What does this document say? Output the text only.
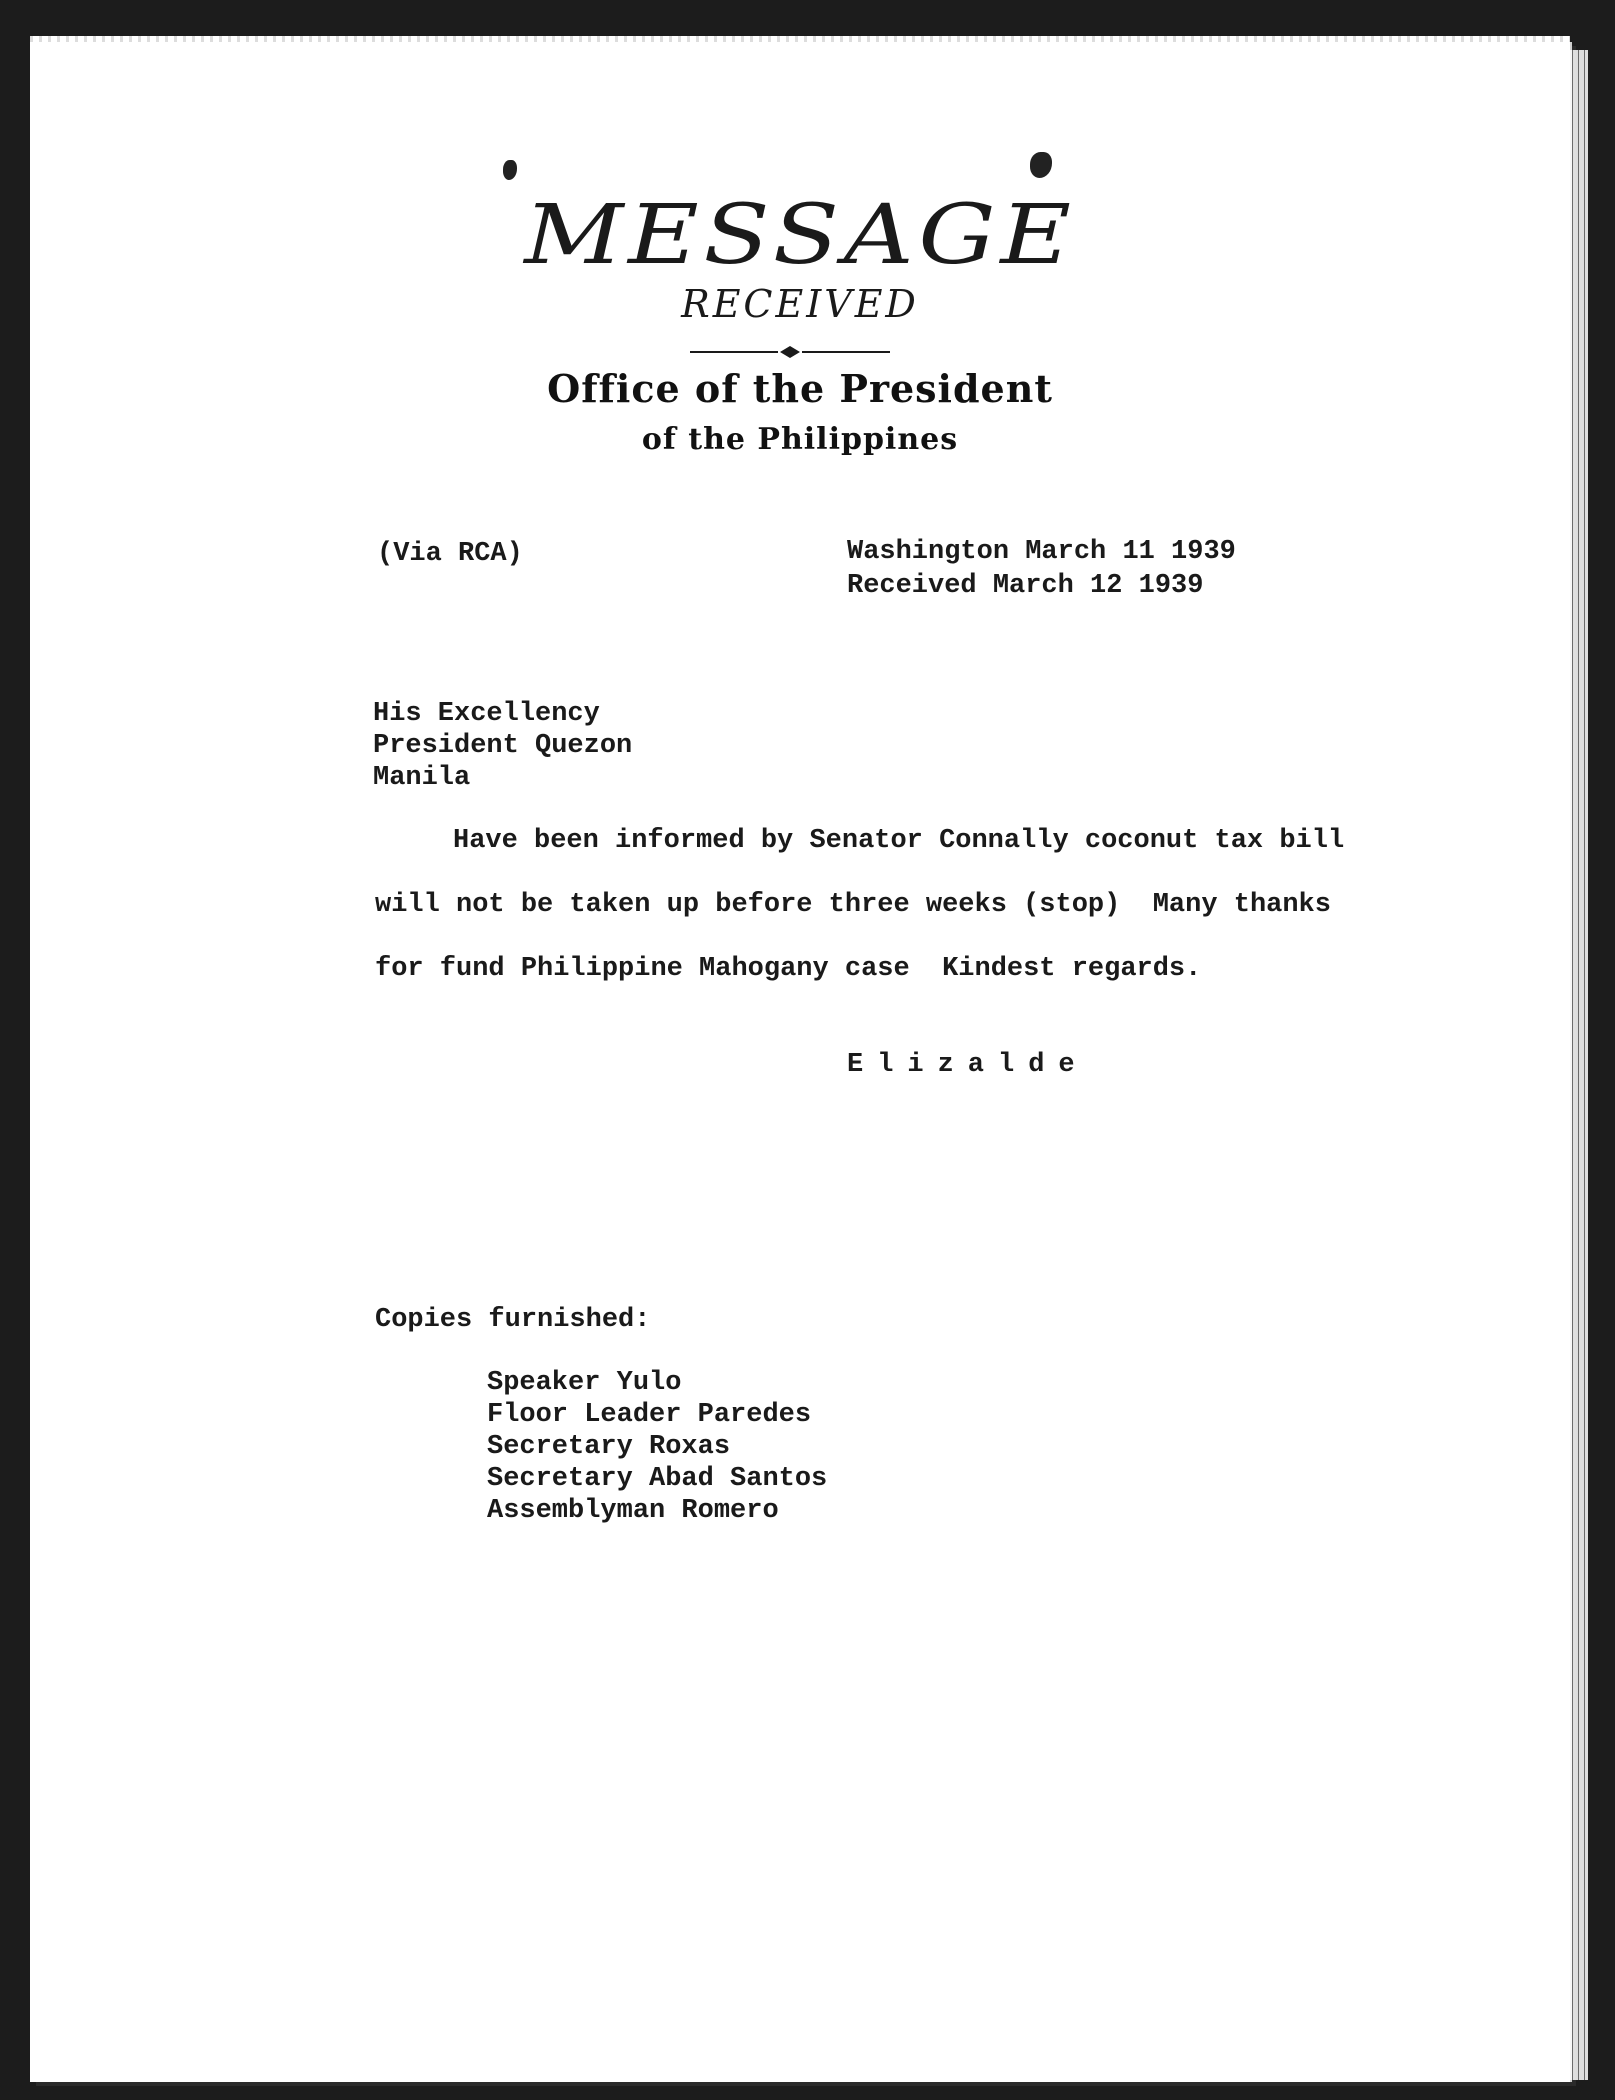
MESSAGE
RECEIVED
Office of the President
of the Philippines
(Via RCA)	Washington March 11 1939
Received March 12 1939
His Excellency
President Quezon
Manila
Have been informed by Senator Connally coconut tax bill
will not be taken up before three weeks (stop)  Many thanks
for fund Philippine Mahogany case  Kindest regards.
Elizalde
Copies furnished:
Speaker Yulo
Floor Leader Paredes
Secretary Roxas
Secretary Abad Santos
Assemblyman Romero
